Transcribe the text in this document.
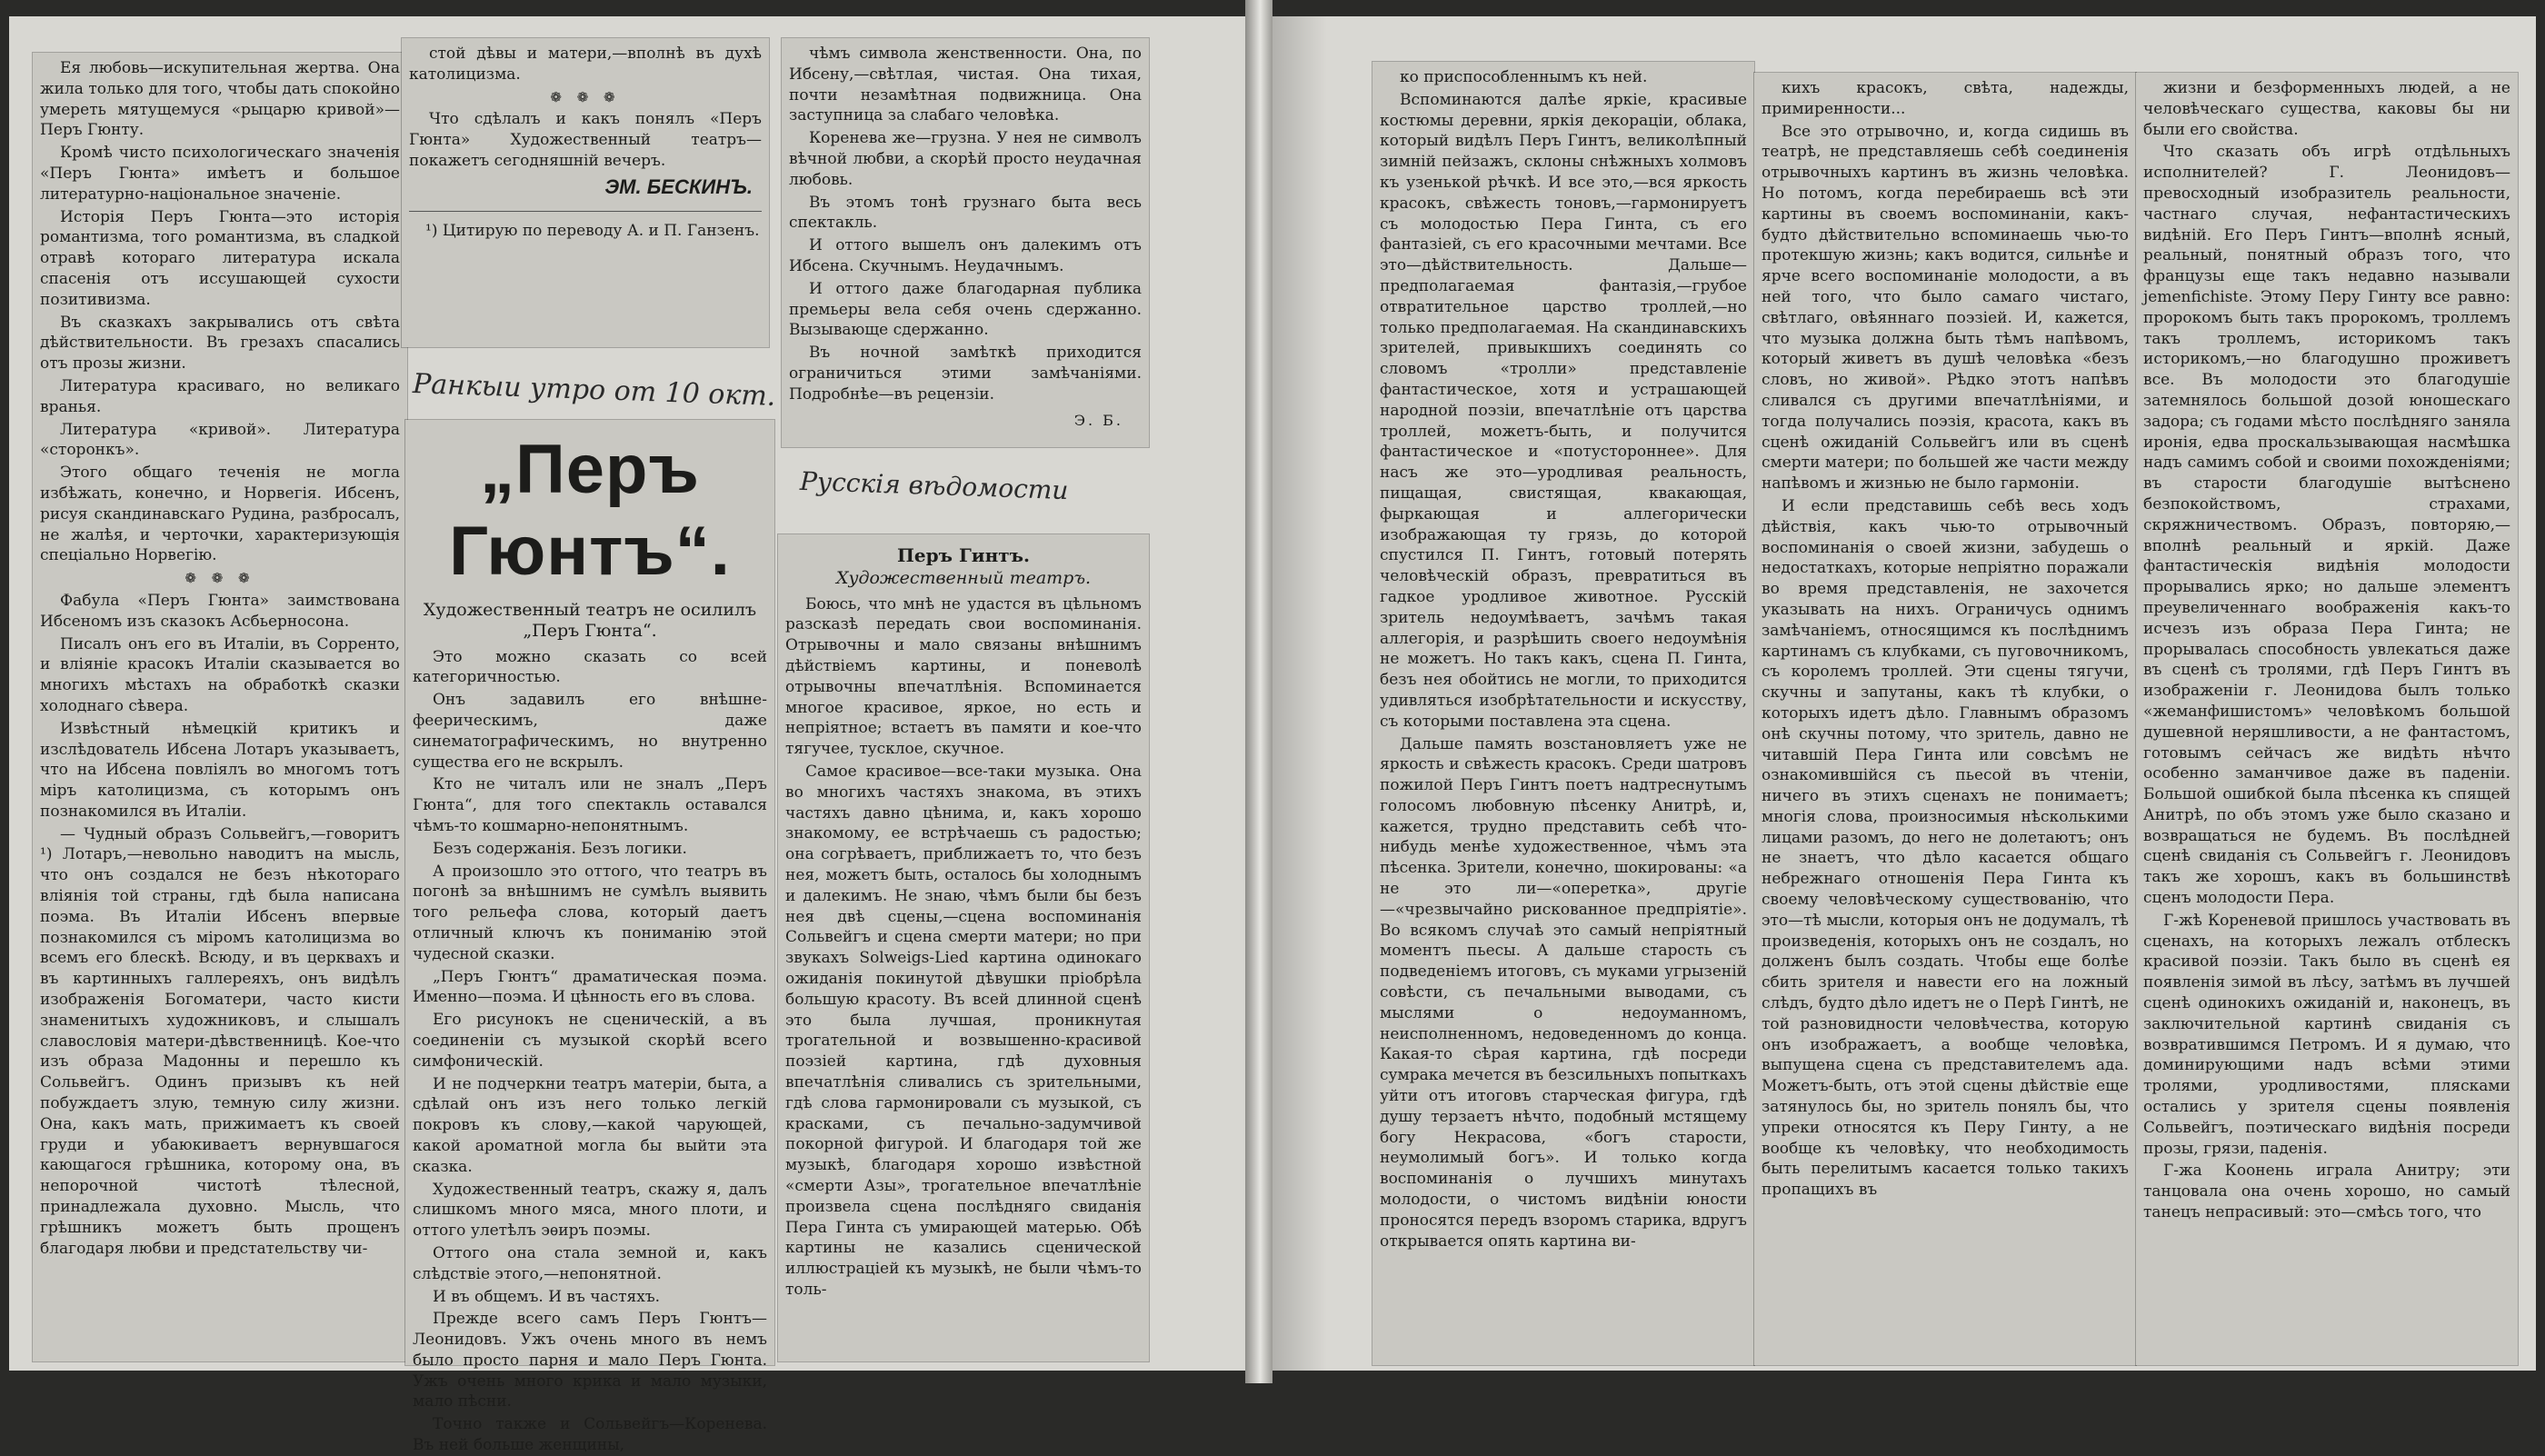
Ея любовь—искупительная жертва. Она жила только для того, чтобы дать спокойно умереть мятущемуся «рыцарю кривой»—Перъ Гюнту.

Кромѣ чисто психологическаго значенія «Перъ Гюнта» имѣетъ и большое литературно-національное значеніе.

Исторія Перъ Гюнта—это исторія романтизма, того романтизма, въ сладкой отравѣ котораго литература искала спасенія отъ иссушающей сухости позитивизма.

Въ сказкахъ закрывались отъ свѣта дѣйствительности. Въ грезахъ спасались отъ прозы жизни.

Литература красиваго, но великаго вранья.

Литература «кривой». Литература «сторонкъ».

Этого общаго теченія не могла избѣжать, конечно, и Норвегія. Ибсенъ, рисуя скандинавскаго Рудина, разбросалъ, не жалѣя, и черточки, характеризующія спеціально Норвегію.

❁ ❁ ❁

Фабула «Перъ Гюнта» заимствована Ибсеномъ изъ сказокъ Асбьерносона.

Писалъ онъ его въ Италіи, въ Сорренто, и вліяніе красокъ Италіи сказывается во многихъ мѣстахъ на обработкѣ сказки холоднаго сѣвера.

Извѣстный нѣмецкій критикъ и изслѣдователь Ибсена Лотаръ указываетъ, что на Ибсена повліялъ во многомъ тотъ міръ католицизма, съ которымъ онъ познакомился въ Италіи.

— Чудный образъ Сольвейгъ,—говоритъ ¹) Лотаръ,—невольно наводитъ на мысль, что онъ создался не безъ нѣкотораго вліянія той страны, гдѣ была написана поэма. Въ Италіи Ибсенъ впервые познакомился съ міромъ католицизма во всемъ его блескѣ. Всюду, и въ церквахъ и въ картинныхъ галлереяхъ, онъ видѣлъ изображенія Богоматери, часто кисти знаменитыхъ художниковъ, и слышалъ славословія матери-дѣвственницѣ. Кое-что изъ образа Мадонны и перешло къ Сольвейгъ. Одинъ призывъ къ ней побуждаетъ злую, темную силу жизни. Она, какъ мать, прижимаетъ къ своей груди и убаюкиваетъ вернувшагося кающагося грѣшника, которому она, въ непорочной чистотѣ тѣлесной, принадлежала духовно. Мысль, что грѣшникъ можетъ быть прощенъ благодаря любви и предстательству чи-

стой дѣвы и матери,—вполнѣ въ духѣ католицизма.

❁ ❁ ❁

Что сдѣлалъ и какъ понялъ «Перъ Гюнта» Художественный театръ—покажетъ сегодняшній вечеръ.

ЭМ. БЕСКИНЪ.
¹) Цитирую по переводу А. и П. Ганзенъ.
Ранкыи утро от 10 окт.
„Перъ Гюнтъ“.
Художественный театръ не осилилъ „Перъ Гюнта“.

Это можно сказать со всей категоричностью.

Онъ задавилъ его внѣшне-феерическимъ, даже синематографическимъ, но внутренно существа его не вскрылъ.

Кто не читалъ или не зналъ „Перъ Гюнта“, для того спектакль оставался чѣмъ-то кошмарно-непонятнымъ.

Безъ содержанія. Безъ логики.

А произошло это оттого, что театръ въ погонѣ за внѣшнимъ не сумѣлъ выявить того рельефа слова, который даетъ отличный ключъ къ пониманію этой чудесной сказки.

„Перъ Гюнтъ“ драматическая поэма. Именно—поэма. И цѣнность его въ слова.

Его рисунокъ не сценическій, а въ соединеніи съ музыкой скорѣй всего симфоническій.

И не подчеркни театръ матеріи, быта, а сдѣлай онъ изъ него только легкій покровъ къ слову,—какой чарующей, какой ароматной могла бы выйти эта сказка.

Художественный театръ, скажу я, далъ слишкомъ много мяса, много плоти, и оттого улетѣлъ эѳиръ поэмы.

Оттого она стала земной и, какъ слѣдствіе этого,—непонятной.

И въ общемъ. И въ частяхъ.

Прежде всего самъ Перъ Гюнтъ—Леонидовъ. Ужъ очень много въ немъ было просто парня и мало Перъ Гюнта. Ужъ очень много крика и мало музыки, мало пѣсни.

Точно также и Сольвейгъ—Коренева. Въ ней больше женщины,

чѣмъ символа женственности. Она, по Ибсену,—свѣтлая, чистая. Она тихая, почти незамѣтная подвижница. Она заступница за слабаго человѣка.

Коренева же—грузна. У нея не символъ вѣчной любви, а скорѣй просто неудачная любовь.

Въ этомъ тонѣ грузнаго быта весь спектакль.

И оттого вышелъ онъ далекимъ отъ Ибсена. Скучнымъ. Неудачнымъ.

И оттого даже благодарная публика премьеры вела себя очень сдержанно. Вызывающе сдержанно.

Въ ночной замѣткѣ приходится ограничиться этими замѣчаніями. Подробнѣе—въ рецензіи.

Э. Б.
Русскія вѣдомости
Перъ Гинтъ.
Художественный театръ.

Боюсь, что мнѣ не удастся въ цѣльномъ разсказѣ передать свои воспоминанія. Отрывочны и мало связаны внѣшнимъ дѣйствіемъ картины, и поневолѣ отрывочны впечатлѣнія. Вспоминается многое красивое, яркое, но есть и непріятное; встаетъ въ памяти и кое-что тягучее, тусклое, скучное.

Самое красивое—все-таки музыка. Она во многихъ частяхъ знакома, въ этихъ частяхъ давно цѣнима, и, какъ хорошо знакомому, ее встрѣчаешь съ радостью; она согрѣваетъ, приближаетъ то, что безъ нея, можетъ быть, осталось бы холоднымъ и далекимъ. Не знаю, чѣмъ были бы безъ нея двѣ сцены,—сцена воспоминанія Сольвейгъ и сцена смерти матери; но при звукахъ Solweigs-Lied картина одинокаго ожиданія покинутой дѣвушки пріобрѣла большую красоту. Въ всей длинной сценѣ это была лучшая, проникнутая трогательной и возвышенно-красивой поэзіей картина, гдѣ духовныя впечатлѣнія сливались съ зрительными, гдѣ слова гармонировали съ музыкой, съ красками, съ печально-задумчивой покорной фигурой. И благодаря той же музыкѣ, благодаря хорошо извѣстной «смерти Азы», трогательное впечатлѣніе произвела сцена послѣдняго свиданія Пера Гинта съ умирающей матерью. Обѣ картины не казались сценической иллюстраціей къ музыкѣ, не были чѣмъ-то толь-

ко приспособленнымъ къ ней.

Вспоминаются далѣе яркіе, красивые костюмы деревни, яркія декораціи, облака, который видѣлъ Перъ Гинтъ, великолѣпный зимній пейзажъ, склоны снѣжныхъ холмовъ къ узенькой рѣчкѣ. И все это,—вся яркость красокъ, свѣжесть тоновъ,—гармонируетъ съ молодостью Пера Гинта, съ его фантазіей, съ его красочными мечтами. Все это—дѣйствительность. Дальше—предполагаемая фантазія,—грубое отвратительное царство троллей,—но только предполагаемая. На скандинавскихъ зрителей, привыкшихъ соединять со словомъ «тролли» представленіе фантастическое, хотя и устрашающей народной поэзіи, впечатлѣніе отъ царства троллей, можетъ-быть, и получится фантастическое и «потустороннее». Для насъ же это—уродливая реальность, пищащая, свистящая, квакающая, фыркающая и аллегорически изображающая ту грязь, до которой спустился П. Гинтъ, готовый потерять человѣческій образъ, превратиться въ гадкое уродливое животное. Русскій зритель недоумѣваетъ, зачѣмъ такая аллегорія, и разрѣшить своего недоумѣнія не можетъ. Но такъ какъ, сцена П. Гинта, безъ нея обойтись не могли, то приходится удивляться изобрѣтательности и искусству, съ которыми поставлена эта сцена.

Дальше память возстановляетъ уже не яркость и свѣжесть красокъ. Среди шатровъ пожилой Перъ Гинтъ поетъ надтреснутымъ голосомъ любовную пѣсенку Анитрѣ, и, кажется, трудно представить себѣ что-нибудь менѣе художественное, чѣмъ эта пѣсенка. Зрители, конечно, шокированы: «а не это ли—«оперетка», другіе—«чрезвычайно рискованное предпріятіе». Во всякомъ случаѣ это самый непріятный моментъ пьесы. А дальше старость съ подведеніемъ итоговъ, съ муками угрызеній совѣсти, съ печальными выводами, съ мыслями о недоуманномъ, неисполненномъ, недоведенномъ до конца. Какая-то сѣрая картина, гдѣ посреди сумрака мечется въ безсильныхъ попыткахъ уйти отъ итоговъ старческая фигура, гдѣ душу терзаетъ нѣчто, подобный мстящему богу Некрасова, «богъ старости, неумолимый богъ». И только когда воспоминанія о лучшихъ минутахъ молодости, о чистомъ видѣніи юности проносятся передъ взоромъ старика, вдругъ открывается опять картина ви-

кихъ красокъ, свѣта, надежды, примиренности...

Все это отрывочно, и, когда сидишь въ театрѣ, не представляешь себѣ соединенія отрывочныхъ картинъ въ жизнь человѣка. Но потомъ, когда перебираешь всѣ эти картины въ своемъ воспоминаніи, какъ-будто дѣйствительно вспоминаешь чью-то протекшую жизнь; какъ водится, сильнѣе и ярче всего воспоминаніе молодости, а въ ней того, что было самаго чистаго, свѣтлаго, овѣяннаго поэзіей. И, кажется, что музыка должна быть тѣмъ напѣвомъ, который живетъ въ душѣ человѣка «безъ словъ, но живой». Рѣдко этотъ напѣвъ сливался съ другими впечатлѣніями, и тогда получались поэзія, красота, какъ въ сценѣ ожиданій Сольвейгъ или въ сценѣ смерти матери; по большей же части между напѣвомъ и жизнью не было гармоніи.

И если представишь себѣ весь ходъ дѣйствія, какъ чью-то отрывочный воспоминанія о своей жизни, забудешь о недостаткахъ, которые непріятно поражали во время представленія, не захочется указывать на нихъ. Ограничусь однимъ замѣчаніемъ, относящимся къ послѣднимъ картинамъ съ клубками, съ пуговочникомъ, съ королемъ троллей. Эти сцены тягучи, скучны и запутаны, какъ тѣ клубки, о которыхъ идетъ дѣло. Главнымъ образомъ онѣ скучны потому, что зритель, давно не читавшій Пера Гинта или совсѣмъ не ознакомившійся съ пьесой въ чтеніи, ничего въ этихъ сценахъ не понимаетъ; многія слова, произносимыя нѣсколькими лицами разомъ, до него не долетаютъ; онъ не знаетъ, что дѣло касается общаго небрежнаго отношенія Пера Гинта къ своему человѣческому существованію, что это—тѣ мысли, которыя онъ не додумалъ, тѣ произведенія, которыхъ онъ не создалъ, но долженъ былъ создать. Чтобы еще болѣе сбить зрителя и навести его на ложный слѣдъ, будто дѣло идетъ не о Перѣ Гинтѣ, не той разновидности человѣчества, которую онъ изображаетъ, а вообще человѣка, выпущена сцена съ представителемъ ада. Можетъ-быть, отъ этой сцены дѣйствіе еще затянулось бы, но зритель понялъ бы, что упреки относятся къ Перу Гинту, а не вообще къ человѣку, что необходимость быть перелитымъ касается только такихъ пропащихъ въ

жизни и безформенныхъ людей, а не человѣческаго существа, каковы бы ни были его свойства.

Что сказать объ игрѣ отдѣльныхъ исполнителей? Г. Леонидовъ—превосходный изобразитель реальности, частнаго случая, нефантастическихъ видѣній. Его Перъ Гинтъ—вполнѣ ясный, реальный, понятный образъ того, что французы еще такъ недавно называли jemenfichiste. Этому Перу Гинту все равно: пророкомъ быть такъ пророкомъ, троллемъ такъ троллемъ, историкомъ такъ историкомъ,—но благодушно проживетъ все. Въ молодости это благодушіе затемнялось большой дозой юношескаго задора; съ годами мѣсто послѣдняго заняла иронія, едва проскальзывающая насмѣшка надъ самимъ собой и своими похожденіями; въ старости благодушіе вытѣснено безпокойствомъ, страхами, скряжничествомъ. Образъ, повторяю,—вполнѣ реальный и яркій. Даже фантастическія видѣнія молодости прорывались ярко; но дальше элементъ преувеличеннаго воображенія какъ-то исчезъ изъ образа Пера Гинта; не прорывалась способность увлекаться даже въ сценѣ съ тролями, гдѣ Перъ Гинтъ въ изображеніи г. Леонидова былъ только «жеманфишистомъ» человѣкомъ большой душевной неряшливости, а не фантастомъ, готовымъ сейчасъ же видѣть нѣчто особенно заманчивое даже въ паденіи. Большой ошибкой была пѣсенка къ спящей Анитрѣ, по объ этомъ уже было сказано и возвращаться не будемъ. Въ послѣдней сценѣ свиданія съ Сольвейгъ г. Леонидовъ такъ же хорошъ, какъ въ большинствѣ сценъ молодости Пера.

Г-жѣ Кореневой пришлось участвовать въ сценахъ, на которыхъ лежалъ отблескъ красивой поэзіи. Такъ было въ сценѣ ея появленія зимой въ лѣсу, затѣмъ въ лучшей сценѣ одинокихъ ожиданій и, наконецъ, въ заключительной картинѣ свиданія съ возвратившимся Петромъ. И я думаю, что доминирующими надъ всѣми этими тролями, уродливостями, плясками остались у зрителя сцены появленія Сольвейгъ, поэтическаго видѣнія посреди прозы, грязи, паденія.

Г-жа Коонень играла Анитру; эти танцовала она очень хорошо, но самый танецъ непрасивый: это—смѣсь того, что
